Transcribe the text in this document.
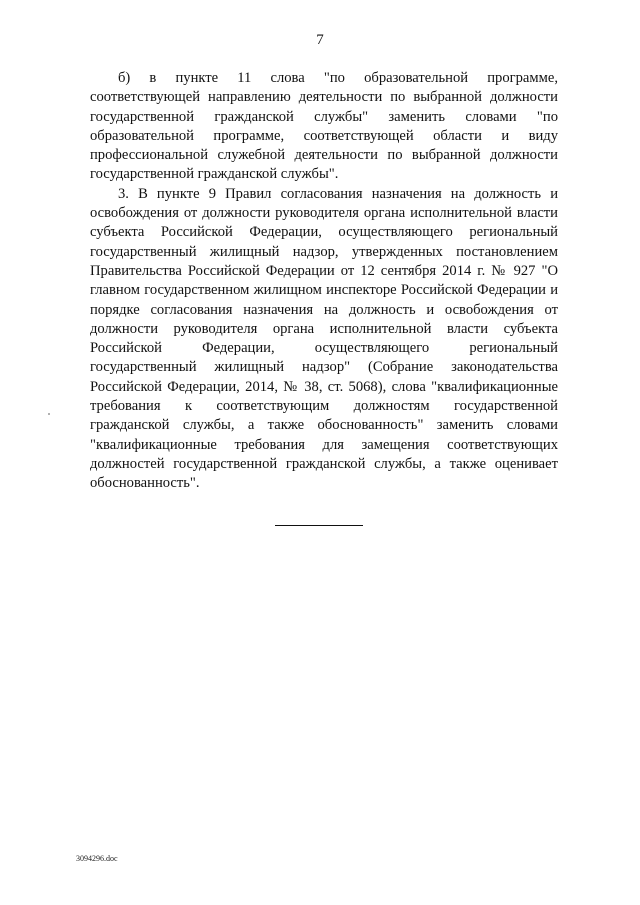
7

б) в пункте 11 слова "по образовательной программе, соответствующей направлению деятельности по выбранной должности государственной гражданской службы" заменить словами "по образовательной программе, соответствующей области и виду профессиональной служебной деятельности по выбранной должности государственной гражданской службы".

3. В пункте 9 Правил согласования назначения на должность и освобождения от должности руководителя органа исполнительной власти субъекта Российской Федерации, осуществляющего региональный государственный жилищный надзор, утвержденных постановлением Правительства Российской Федерации от 12 сентября 2014 г. № 927 "О главном государственном жилищном инспекторе Российской Федерации и порядке согласования назначения на должность и освобождения от должности руководителя органа исполнительной власти субъекта Российской Федерации, осуществляющего региональный государственный жилищный надзор" (Собрание законодательства Российской Федерации, 2014, № 38, ст. 5068), слова "квалификационные требования к соответствующим должностям государственной гражданской службы, а также обоснованность" заменить словами "квалификационные требования для замещения соответствующих должностей государственной гражданской службы, а также оценивает обоснованность".

3094296.doc
